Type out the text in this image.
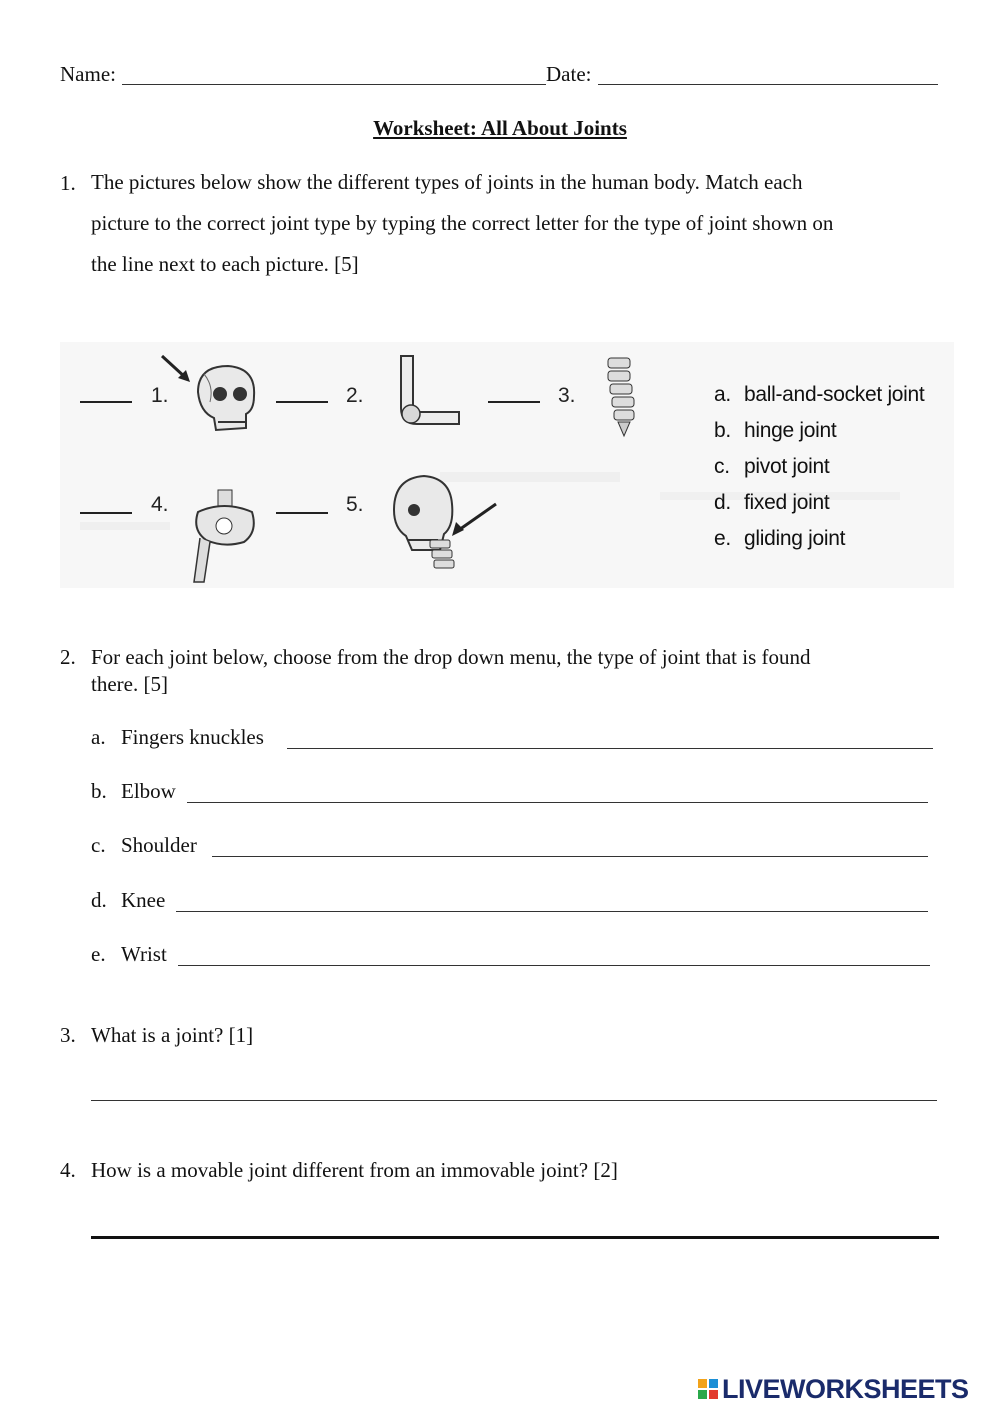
Name:	Date:
Worksheet: All About Joints
1. The pictures below show the different types of joints in the human body. Match each
picture to the correct joint type by typing the correct letter for the type of joint shown on
the line next to each picture. [5]
1.	2.	3.
4.	5.
a. ball-and-socket joint
b. hinge joint
c. pivot joint
d. fixed joint
e. gliding joint
2. For each joint below, choose from the drop down menu, the type of joint that is found
there. [5]
a. Fingers knuckles
b. Elbow
c. Shoulder
d. Knee
e. Wrist
3. What is a joint? [1]
4. How is a movable joint different from an immovable joint? [2]
LIVEWORKSHEETS
